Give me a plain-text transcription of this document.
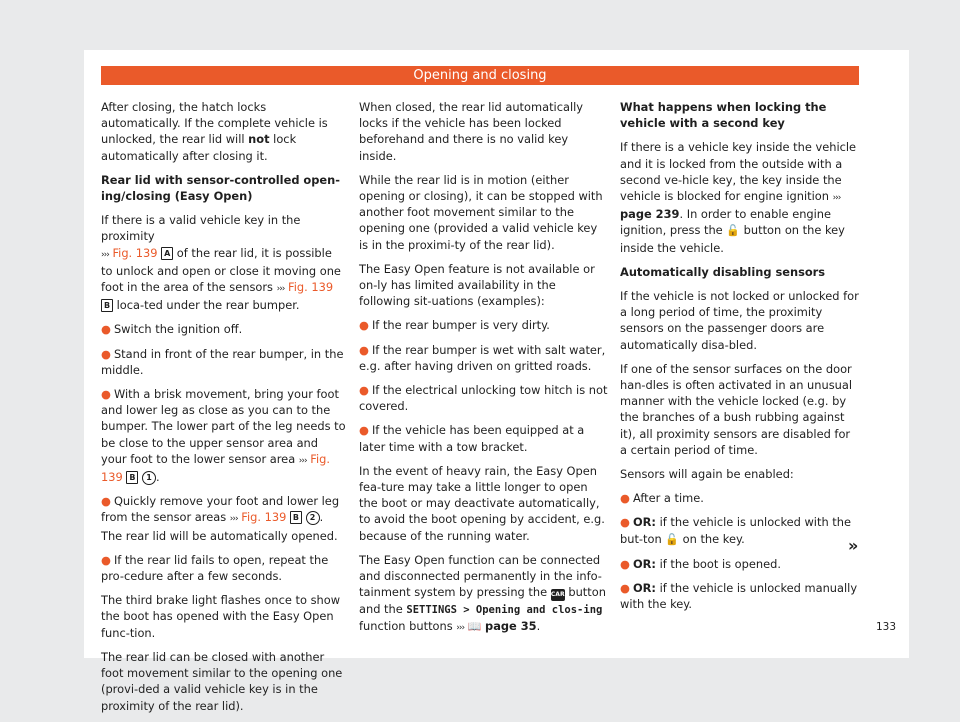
Opening and closing

After closing, the hatch locks automatically. If the complete vehicle is unlocked, the rear lid will not lock automatically after closing it.

Rear lid with sensor-controlled open-ing/closing (Easy Open)

If there is a valid vehicle key in the proximity
››› Fig. 139 A of the rear lid, it is possible to unlock and open or close it moving one foot in the area of the sensors ››› Fig. 139 B loca-ted under the rear bumper.

● Switch the ignition off.

● Stand in front of the rear bumper, in the middle.

● With a brisk movement, bring your foot and lower leg as close as you can to the bumper. The lower part of the leg needs to be close to the upper sensor area and your foot to the lower sensor area ››› Fig. 139 B 1 .

● Quickly remove your foot and lower leg from the sensor areas ››› Fig. 139 B 2 . The rear lid will be automatically opened.

● If the rear lid fails to open, repeat the pro-cedure after a few seconds.

The third brake light flashes once to show the boot has opened with the Easy Open func-tion.

The rear lid can be closed with another foot movement similar to the opening one (provi-ded a valid vehicle key is in the proximity of the rear lid).

When closed, the rear lid automatically locks if the vehicle has been locked beforehand and there is no valid key inside.

While the rear lid is in motion (either opening or closing), it can be stopped with another foot movement similar to the opening one (provided a valid vehicle key is in the proximi-ty of the rear lid).

The Easy Open feature is not available or on-ly has limited availability in the following sit-uations (examples):

● If the rear bumper is very dirty.

● If the rear bumper is wet with salt water, e.g. after having driven on gritted roads.

● If the electrical unlocking tow hitch is not covered.

● If the vehicle has been equipped at a later time with a tow bracket.

In the event of heavy rain, the Easy Open fea-ture may take a little longer to open the boot or may deactivate automatically, to avoid the boot opening by accident, e.g. because of the running water.

The Easy Open function can be connected and disconnected permanently in the info-tainment system by pressing the CAR button and the SETTINGS > Opening and clos-ing function buttons ››› 📖 page 35.

What happens when locking the vehicle with a second key

If there is a vehicle key inside the vehicle and it is locked from the outside with a second ve-hicle key, the key inside the vehicle is blocked for engine ignition ››› page 239. In order to enable engine ignition, press the 🔓 button on the key inside the vehicle.

Automatically disabling sensors

If the vehicle is not locked or unlocked for a long period of time, the proximity sensors on the passenger doors are automatically disa-bled.

If one of the sensor surfaces on the door han-dles is often activated in an unusual manner with the vehicle locked (e.g. by the branches of a bush rubbing against it), all proximity sensors are disabled for a certain period of time.

Sensors will again be enabled:

● After a time.

● OR: if the vehicle is unlocked with the but-ton 🔓 on the key.

● OR: if the boot is opened.

● OR: if the vehicle is unlocked manually with the key.

»
133
